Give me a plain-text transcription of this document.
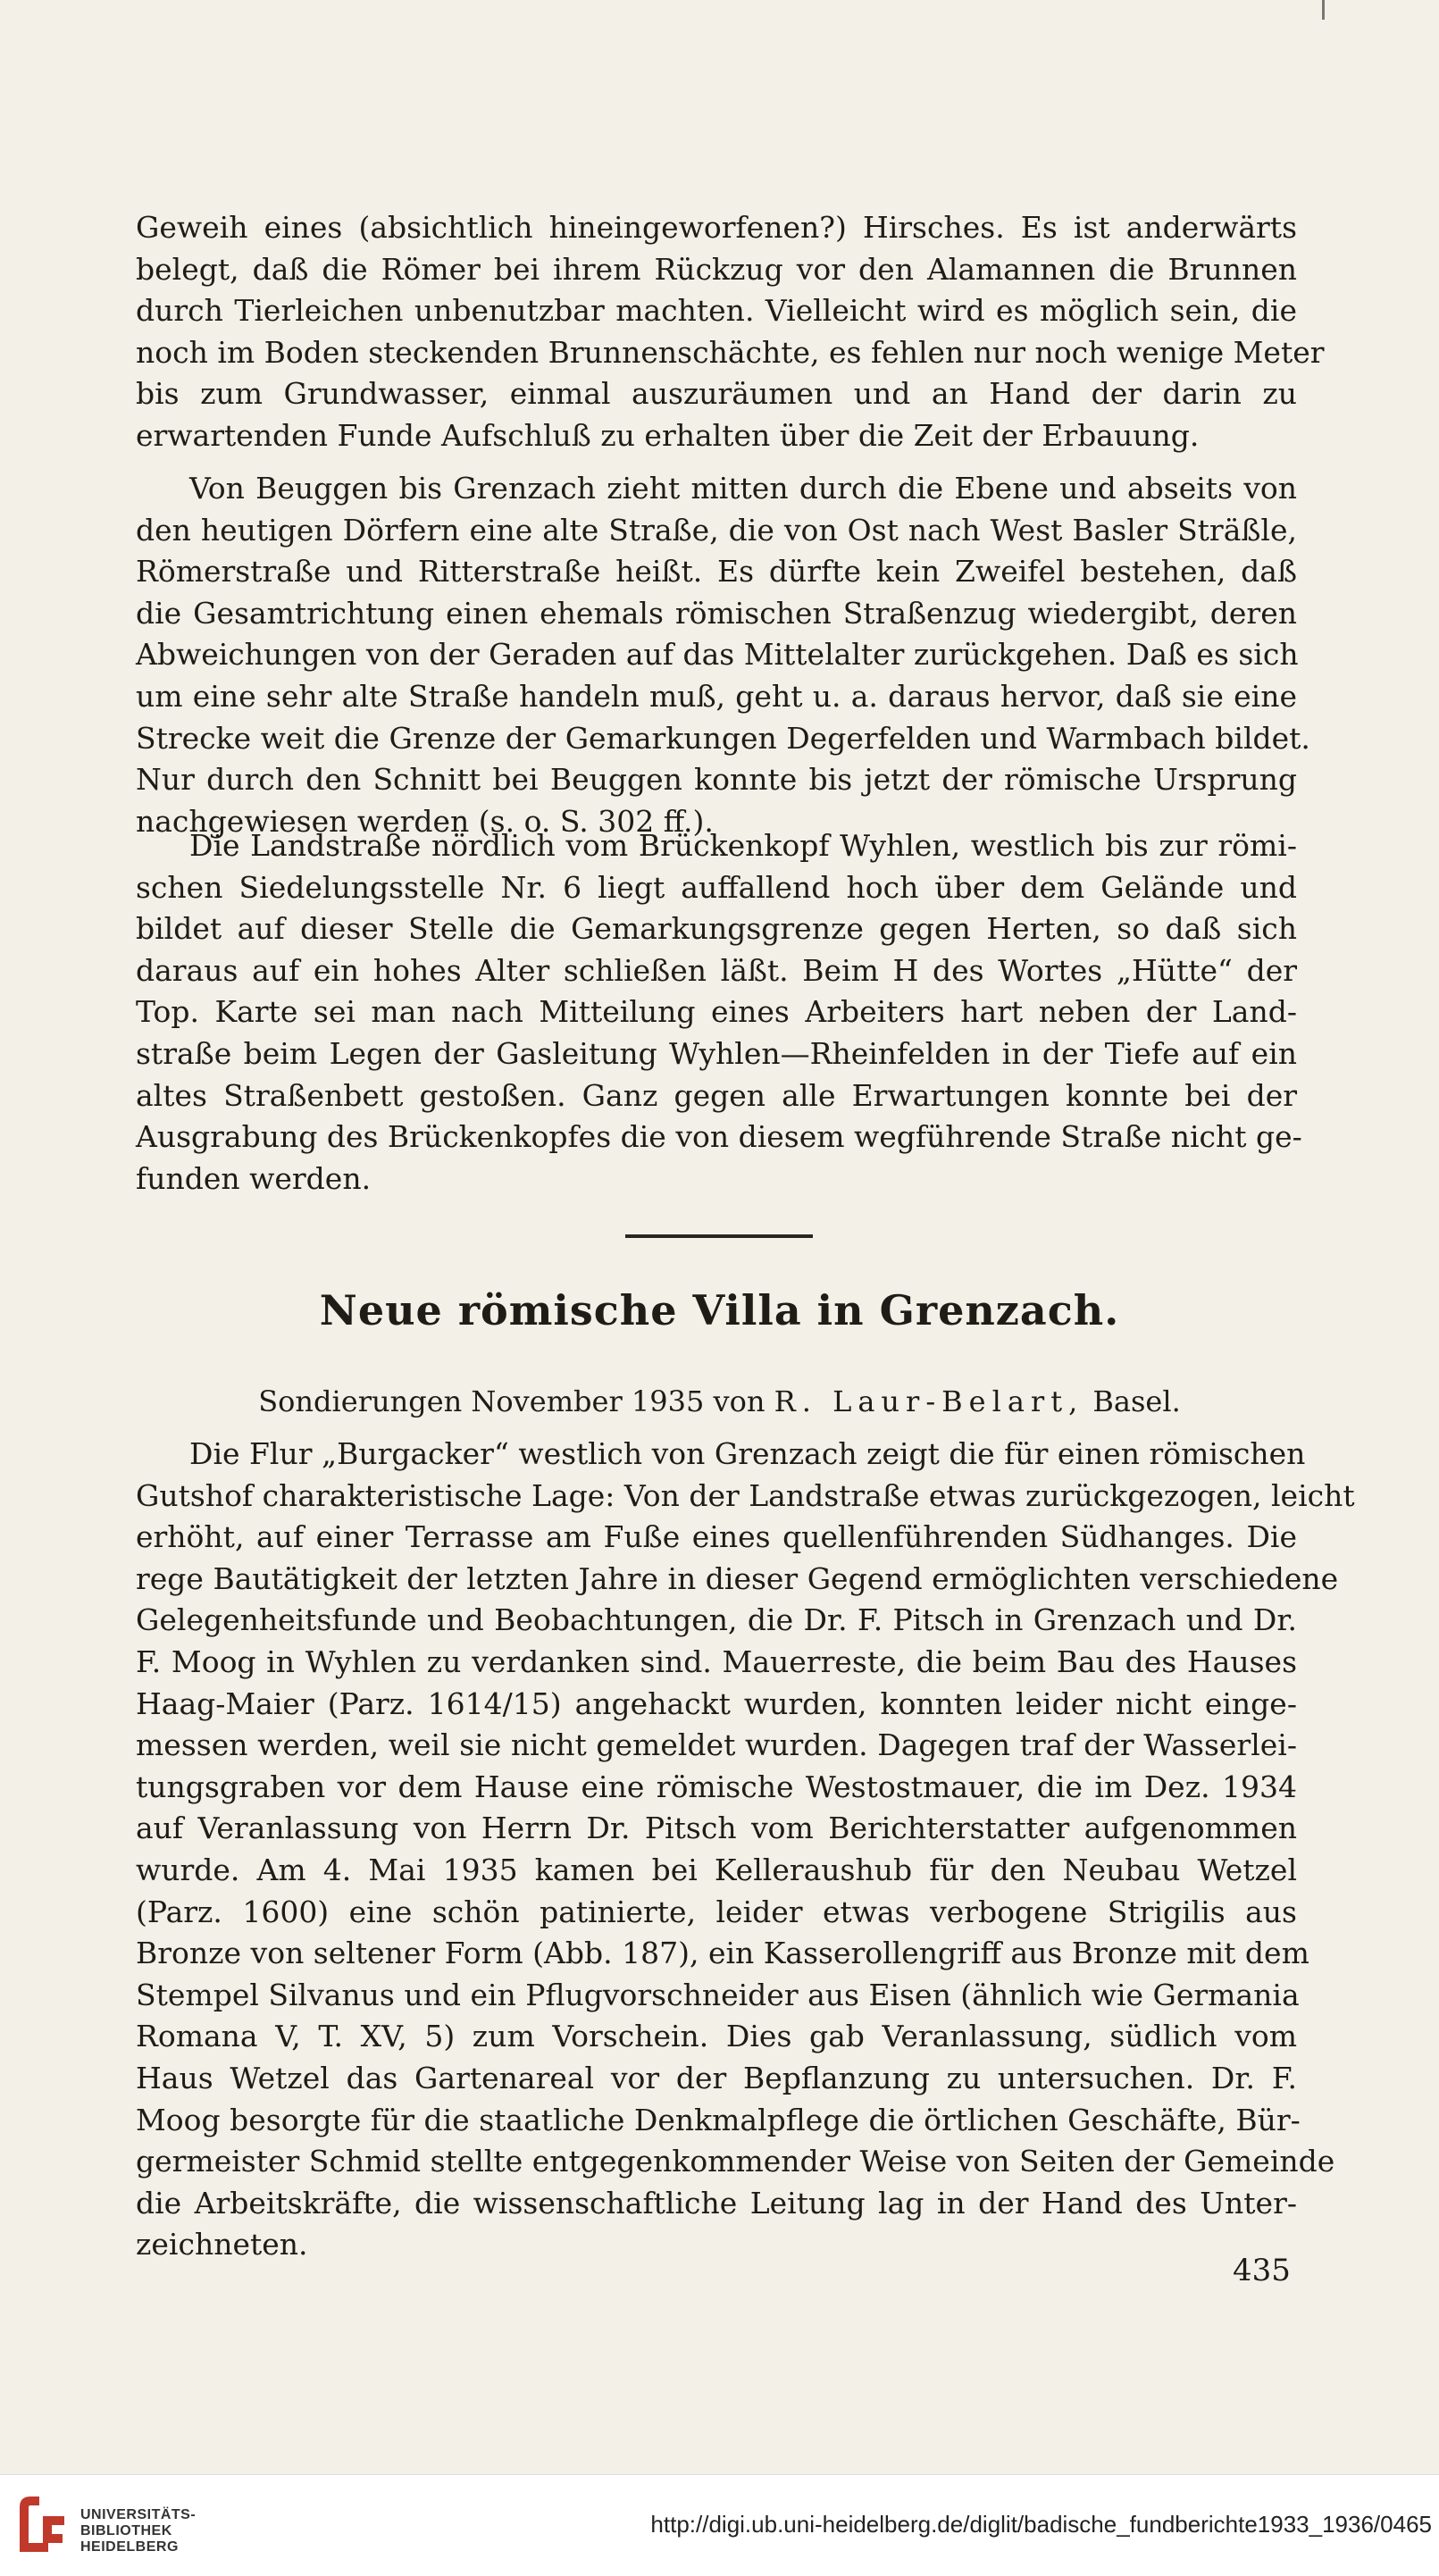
Geweih eines (absichtlich hineingeworfenen?) Hirsches. Es ist anderwärts
belegt, daß die Römer bei ihrem Rückzug vor den Alamannen die Brunnen
durch Tierleichen unbenutzbar machten. Vielleicht wird es möglich sein, die
noch im Boden steckenden Brunnenschächte, es fehlen nur noch wenige Meter
bis zum Grundwasser, einmal auszuräumen und an Hand der darin zu
erwartenden Funde Aufschluß zu erhalten über die Zeit der Erbauung.

Von Beuggen bis Grenzach zieht mitten durch die Ebene und abseits von
den heutigen Dörfern eine alte Straße, die von Ost nach West Basler Sträßle,
Römerstraße und Ritterstraße heißt. Es dürfte kein Zweifel bestehen, daß
die Gesamtrichtung einen ehemals römischen Straßenzug wiedergibt, deren
Abweichungen von der Geraden auf das Mittelalter zurückgehen. Daß es sich
um eine sehr alte Straße handeln muß, geht u. a. daraus hervor, daß sie eine
Strecke weit die Grenze der Gemarkungen Degerfelden und Warmbach bildet.
Nur durch den Schnitt bei Beuggen konnte bis jetzt der römische Ursprung
nachgewiesen werden (s. o. S. 302 ff.).

Die Landstraße nördlich vom Brückenkopf Wyhlen, westlich bis zur römi-
schen Siedelungsstelle Nr. 6 liegt auffallend hoch über dem Gelände und
bildet auf dieser Stelle die Gemarkungsgrenze gegen Herten, so daß sich
daraus auf ein hohes Alter schließen läßt. Beim H des Wortes „Hütte“ der
Top. Karte sei man nach Mitteilung eines Arbeiters hart neben der Land-
straße beim Legen der Gasleitung Wyhlen—Rheinfelden in der Tiefe auf ein
altes Straßenbett gestoßen. Ganz gegen alle Erwartungen konnte bei der
Ausgrabung des Brückenkopfes die von diesem wegführende Straße nicht ge-
funden werden.

Neue römische Villa in Grenzach.
Sondierungen November 1935 von R. Laur-Belart, Basel.

Die Flur „Burgacker“ westlich von Grenzach zeigt die für einen römischen
Gutshof charakteristische Lage: Von der Landstraße etwas zurückgezogen, leicht
erhöht, auf einer Terrasse am Fuße eines quellenführenden Südhanges. Die
rege Bautätigkeit der letzten Jahre in dieser Gegend ermöglichten verschiedene
Gelegenheitsfunde und Beobachtungen, die Dr. F. Pitsch in Grenzach und Dr.
F. Moog in Wyhlen zu verdanken sind. Mauerreste, die beim Bau des Hauses
Haag-Maier (Parz. 1614/15) angehackt wurden, konnten leider nicht einge-
messen werden, weil sie nicht gemeldet wurden. Dagegen traf der Wasserlei-
tungsgraben vor dem Hause eine römische Westostmauer, die im Dez. 1934
auf Veranlassung von Herrn Dr. Pitsch vom Berichterstatter aufgenommen
wurde. Am 4. Mai 1935 kamen bei Kelleraushub für den Neubau Wetzel
(Parz. 1600) eine schön patinierte, leider etwas verbogene Strigilis aus
Bronze von seltener Form (Abb. 187), ein Kasserollengriff aus Bronze mit dem
Stempel Silvanus und ein Pflugvorschneider aus Eisen (ähnlich wie Germania
Romana V, T. XV, 5) zum Vorschein. Dies gab Veranlassung, südlich vom
Haus Wetzel das Gartenareal vor der Bepflanzung zu untersuchen. Dr. F.
Moog besorgte für die staatliche Denkmalpflege die örtlichen Geschäfte, Bür-
germeister Schmid stellte entgegenkommender Weise von Seiten der Gemeinde
die Arbeitskräfte, die wissenschaftliche Leitung lag in der Hand des Unter-
zeichneten.

435
UNIVERSITÄTS-
BIBLIOTHEK
HEIDELBERG
http://digi.ub.uni-heidelberg.de/diglit/badische_fundberichte1933_1936/0465
